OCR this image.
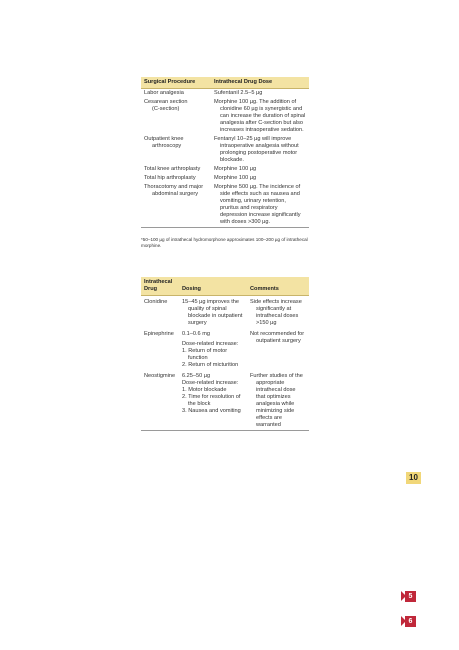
Surgical Procedure	Intrathecal Drug Dose
Labor analgesia	Sufentanil 2.5–5 µg

Cesarean section
(C-section)	Morphine 100 µg. The addition of clonidine 60 µg is synergistic and can increase the duration of spinal analgesia after C-section but also increases intraoperative sedation.

Outpatient knee
arthroscopy	Fentanyl 10–25 µg will improve intraoperative analgesia without prolonging postoperative motor blockade.

Total knee arthroplasty	Morphine 100 µg

Total hip arthroplasty	Morphine 100 µg

Thoracotomy and major
abdominal surgery	Morphine 500 µg. The incidence of side effects such as nausea and vomiting, urinary retention, pruritus and respiratory depression increase significantly with doses >300 µg.
*50–100 µg of intrathecal hydromorphone approximates 100–200 µg of intrathecal morphine.
Intrathecal
Drug	Dosing	Comments
Clonidine	15–45 µg improves the quality of spinal blockade in outpatient surgery	Side effects increase significantly at intrathecal doses >150 µg

Epinephrine	0.1–0.6 mg
Dose-related increase:
1. Return of motor function
2. Return of micturition	Not recommended for outpatient surgery

Neostigmine	6.25–50 µg
Dose-related increase:
1. Motor blockade
2. Time for resolution of the block
3. Nausea and vomiting	Further studies of the appropriate intrathecal dose that optimizes analgesia while minimizing side effects are warranted
10
5
6
